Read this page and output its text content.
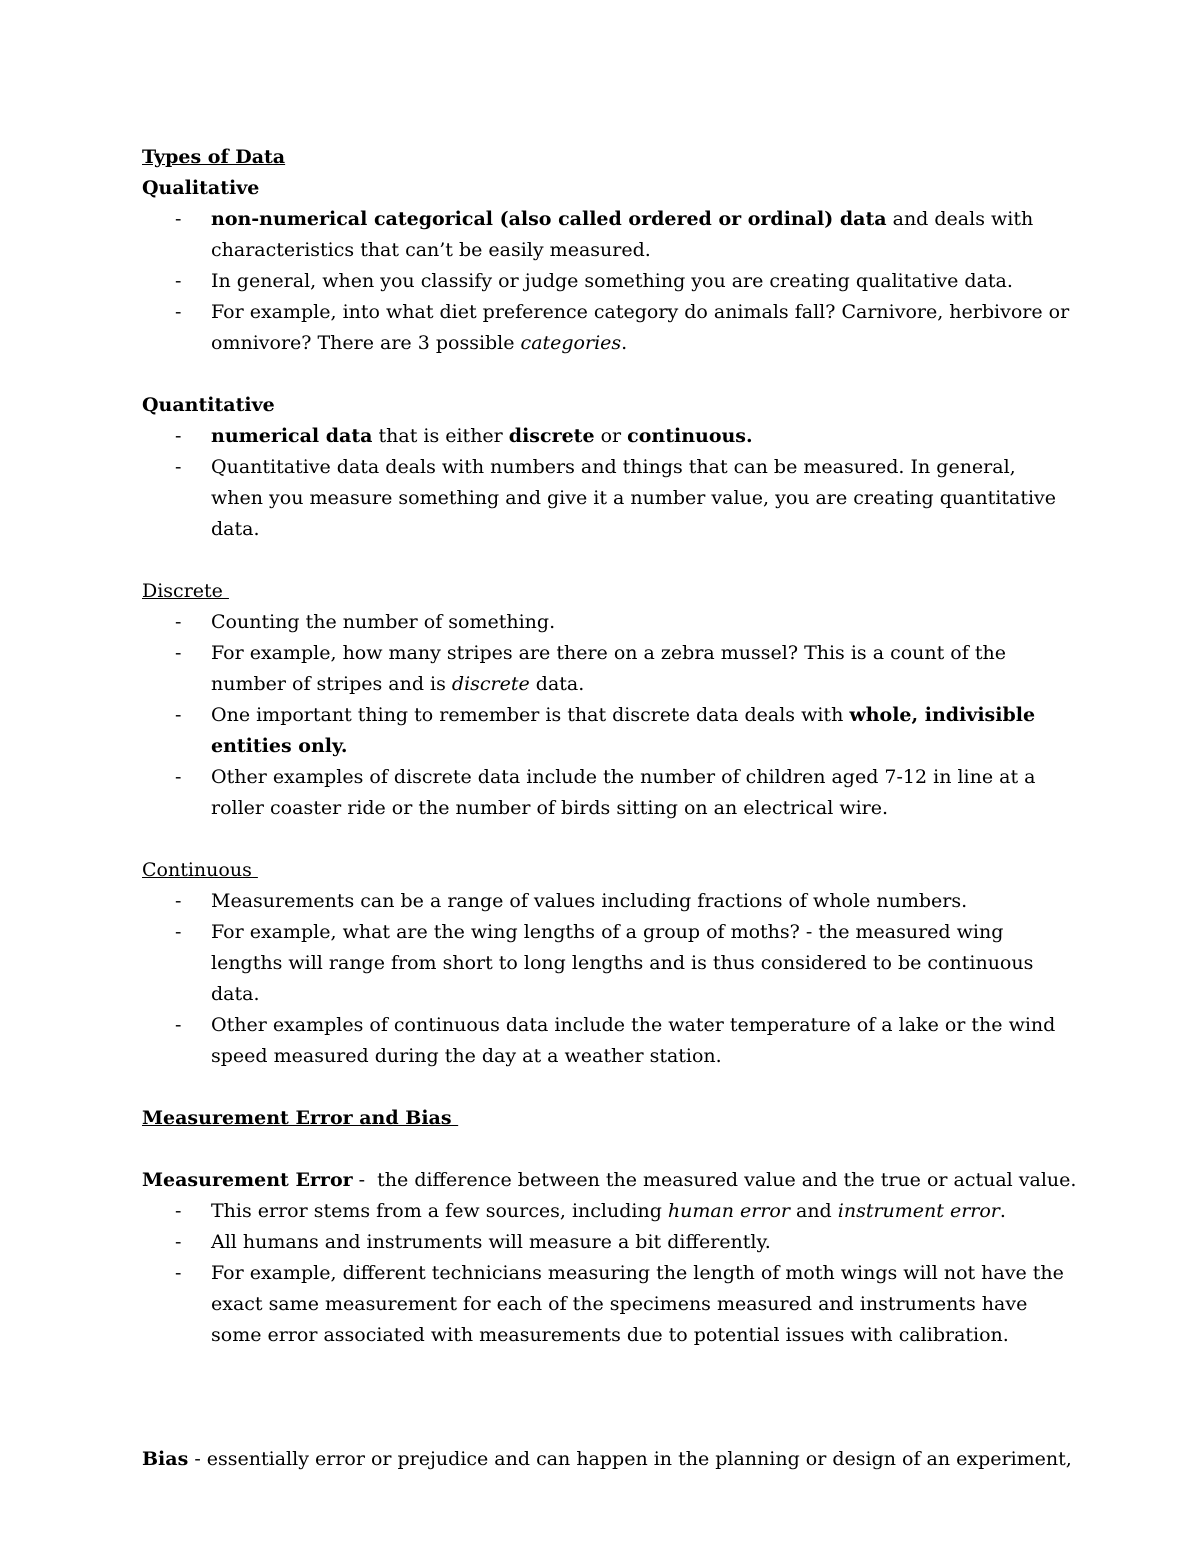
Types of Data
Qualitative
- non-numerical categorical (also called ordered or ordinal) data and deals with characteristics that can’t be easily measured.
- In general, when you classify or judge something you are creating qualitative data.
- For example, into what diet preference category do animals fall? Carnivore, herbivore or omnivore? There are 3 possible categories.
Quantitative
- numerical data that is either discrete or continuous.
- Quantitative data deals with numbers and things that can be measured. In general, when you measure something and give it a number value, you are creating quantitative data.
Discrete
- Counting the number of something.
- For example, how many stripes are there on a zebra mussel? This is a count of the number of stripes and is discrete data.
- One important thing to remember is that discrete data deals with whole, indivisible entities only.
- Other examples of discrete data include the number of children aged 7-12 in line at a roller coaster ride or the number of birds sitting on an electrical wire.
Continuous
- Measurements can be a range of values including fractions of whole numbers.
- For example, what are the wing lengths of a group of moths? - the measured wing lengths will range from short to long lengths and is thus considered to be continuous data.
- Other examples of continuous data include the water temperature of a lake or the wind speed measured during the day at a weather station.
Measurement Error and Bias
Measurement Error -  the difference between the measured value and the true or actual value.
- This error stems from a few sources, including human error and instrument error.
- All humans and instruments will measure a bit differently.
- For example, different technicians measuring the length of moth wings will not have the exact same measurement for each of the specimens measured and instruments have some error associated with measurements due to potential issues with calibration.
Bias - essentially error or prejudice and can happen in the planning or design of an experiment,
